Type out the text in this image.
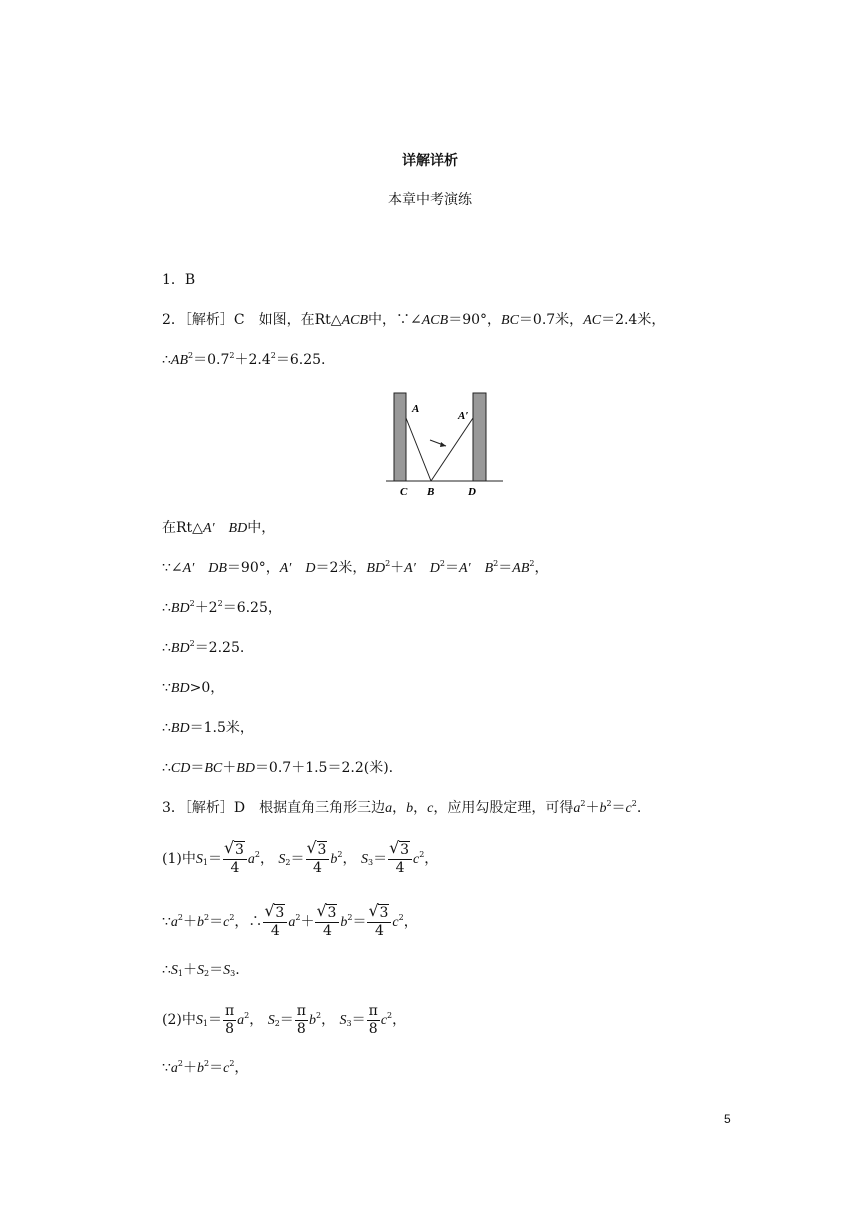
详解详析
本章中考演练
1．B
2．［解析］C　如图，在Rt△ACB中，∵∠ACB＝90°，BC＝0.7米，AC＝2.4米，
$\therefore AB^2=0.7^2+2.4^2=6.25$.
A
A′
C B	D
在Rt△A′　BD中，
∵∠A′　DB＝90°，A′　D＝2米，$BD^2+A'$　$D^2=A'$　$B^2=AB^2$，
$\therefore BD^2+2^2=6.25$，
$\therefore BD^2=2.25$.
∵BD>0，
∴BD＝1.5米，
∴CD＝BC＋BD＝0.7＋1.5＝2.2(米).
3．［解析］D　根据直角三角形三边a，b，c，应用勾股定理，可得$a^2+b^2=c^2$.
(1)中$S_1=$ √ $\frac{3}{4} a^2$， $S_2=$ √ $\frac{3}{4} b^2$， $S_3=$ √ $\frac{3}{4} c^2$，
$\because a^2+b^2=c^2$，∴ √ $\frac{3}{4} a^2+$ √ $\frac{3}{4} b^2=$ √ $\frac{3}{4} c^2$，
$\therefore S_1+S_2=S_3$.
(2)中$S_1= \frac{\pi}{8} a^2$， $S_2= \frac{\pi}{8} b^2$， $S_3= \frac{\pi}{8} c^2$，
$\because a^2+b^2=c^2$，
5
